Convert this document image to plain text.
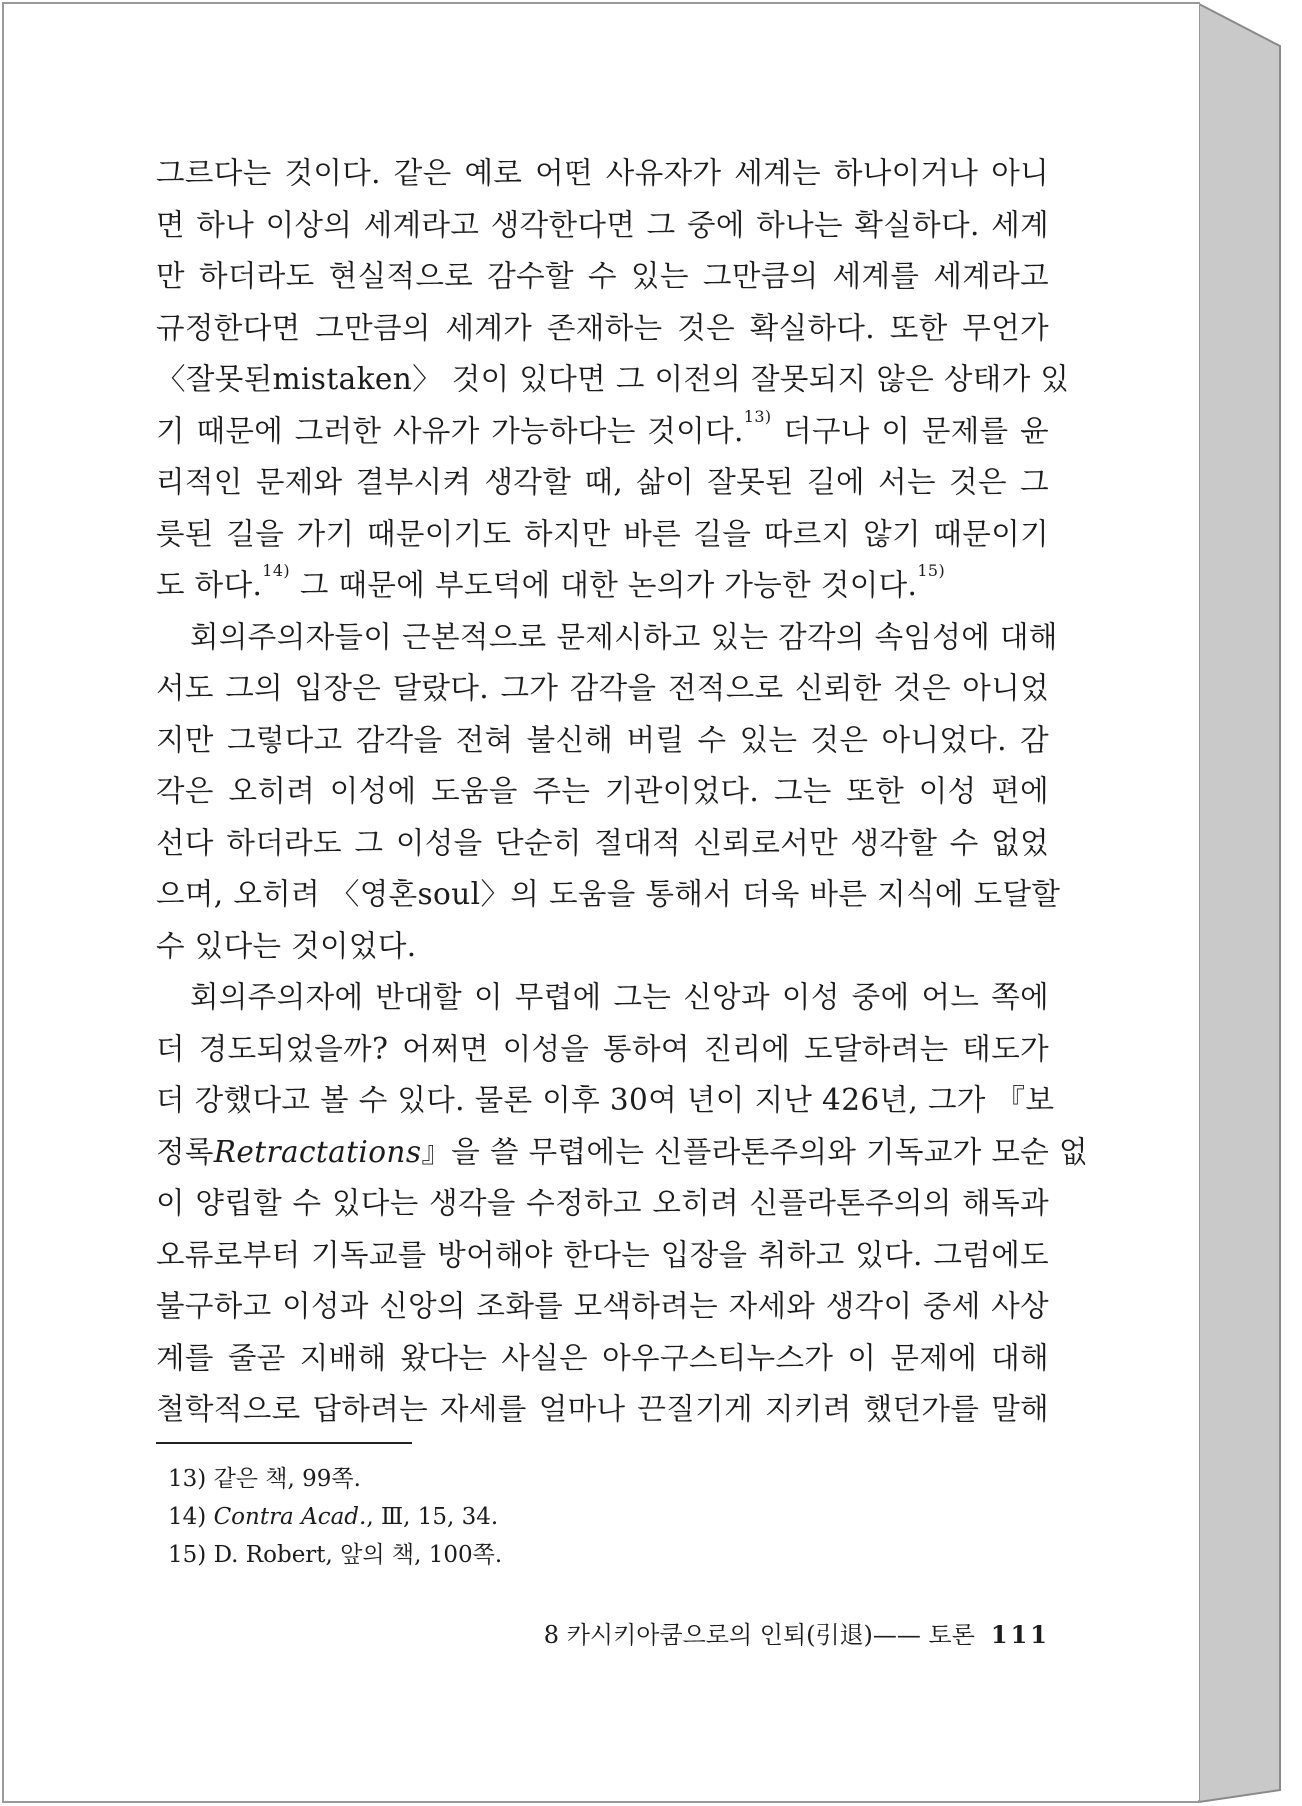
그르다는 것이다. 같은 예로 어떤 사유자가 세계는 하나이거나 아니
면 하나 이상의 세계라고 생각한다면 그 중에 하나는 확실하다. 세계
만 하더라도 현실적으로 감수할 수 있는 그만큼의 세계를 세계라고
규정한다면 그만큼의 세계가 존재하는 것은 확실하다. 또한 무언가
〈잘못된mistaken〉 것이 있다면 그 이전의 잘못되지 않은 상태가 있
기 때문에 그러한 사유가 가능하다는 것이다.$^{13)}$ 더구나 이 문제를 윤
리적인 문제와 결부시켜 생각할 때, 삶이 잘못된 길에 서는 것은 그
릇된 길을 가기 때문이기도 하지만 바른 길을 따르지 않기 때문이기
도 하다.$^{14)}$ 그 때문에 부도덕에 대한 논의가 가능한 것이다.$^{15)}$
회의주의자들이 근본적으로 문제시하고 있는 감각의 속임성에 대해
서도 그의 입장은 달랐다. 그가 감각을 전적으로 신뢰한 것은 아니었
지만 그렇다고 감각을 전혀 불신해 버릴 수 있는 것은 아니었다. 감
각은 오히려 이성에 도움을 주는 기관이었다. 그는 또한 이성 편에
선다 하더라도 그 이성을 단순히 절대적 신뢰로서만 생각할 수 없었
으며, 오히려 〈영혼soul〉의 도움을 통해서 더욱 바른 지식에 도달할
수 있다는 것이었다.
회의주의자에 반대할 이 무렵에 그는 신앙과 이성 중에 어느 쪽에
더 경도되었을까? 어쩌면 이성을 통하여 진리에 도달하려는 태도가
더 강했다고 볼 수 있다. 물론 이후 30여 년이 지난 426년, 그가 『보
정록Retractations』을 쓸 무렵에는 신플라톤주의와 기독교가 모순 없
이 양립할 수 있다는 생각을 수정하고 오히려 신플라톤주의의 해독과
오류로부터 기독교를 방어해야 한다는 입장을 취하고 있다. 그럼에도
불구하고 이성과 신앙의 조화를 모색하려는 자세와 생각이 중세 사상
계를 줄곧 지배해 왔다는 사실은 아우구스티누스가 이 문제에 대해
철학적으로 답하려는 자세를 얼마나 끈질기게 지키려 했던가를 말해
13) 같은 책, 99쪽.
14) Contra Acad., Ⅲ, 15, 34.
15) D. Robert, 앞의 책, 100쪽.
8 카시키아쿰으로의 인퇴(引退)—— 토론 111
